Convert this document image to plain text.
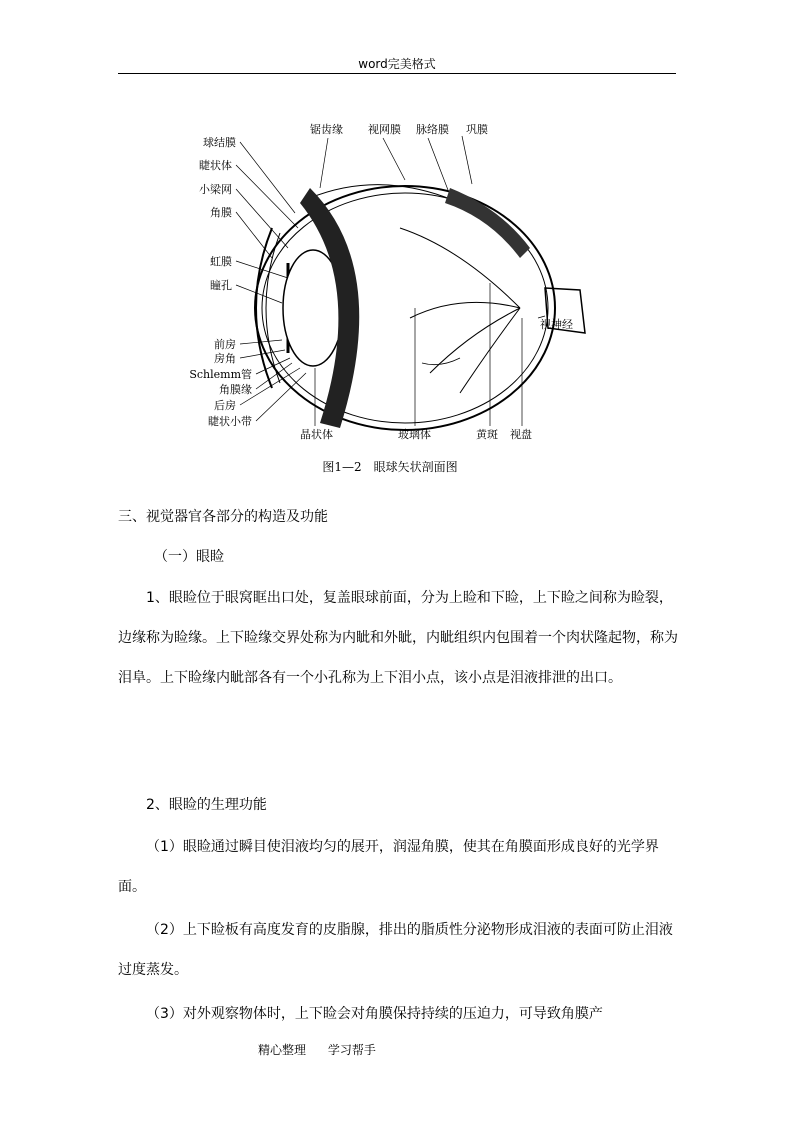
word完美格式
球结膜
睫状体
小梁网
角膜
虹膜
瞳孔
前房
房角
Schlemm管
角膜缘
后房
睫状小带
锯齿缘 视网膜 脉络膜 巩膜
视神经
晶状体	玻璃体	黄斑 视盘
图1—2　眼球矢状剖面图
三、视觉器官各部分的构造及功能
（一）眼睑
1、眼睑位于眼窝眶出口处，复盖眼球前面，分为上睑和下睑，上下睑之间称为睑裂，边缘称为睑缘。上下睑缘交界处称为内眦和外眦，内眦组织内包围着一个肉状隆起物，称为泪阜。上下睑缘内眦部各有一个小孔称为上下泪小点，该小点是泪液排泄的出口。
2、眼睑的生理功能
（1）眼睑通过瞬目使泪液均匀的展开，润湿角膜，使其在角膜面形成良好的光学界面。
（2）上下睑板有高度发育的皮脂腺，排出的脂质性分泌物形成泪液的表面可防止泪液过度蒸发。
（3）对外观察物体时，上下睑会对角膜保持持续的压迫力，可导致角膜产
精心整理 学习帮手
